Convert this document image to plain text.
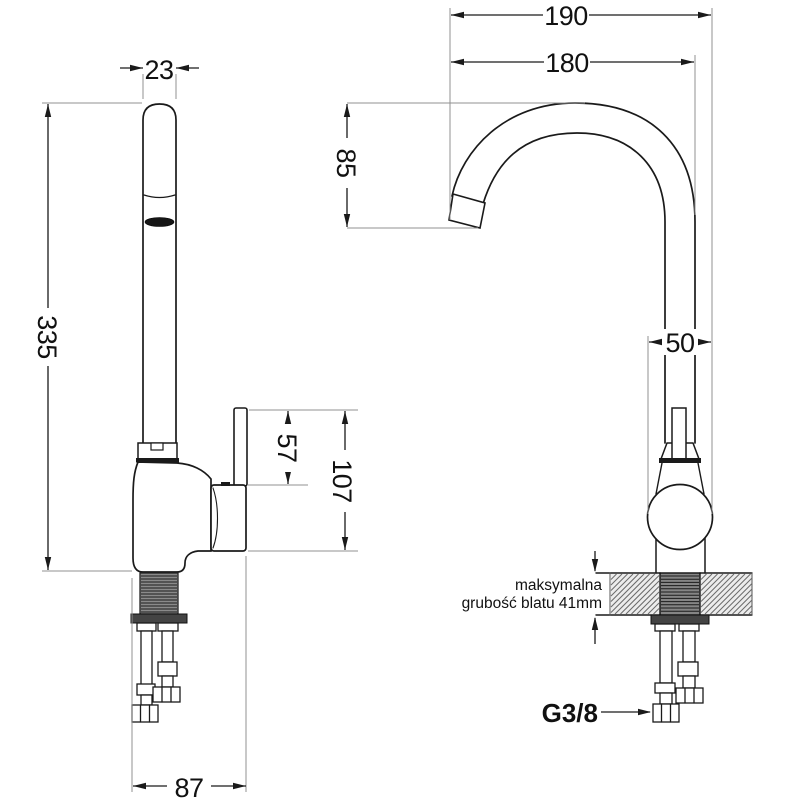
23
190
180
335
85
57
107
50
87
maksymalna
grubość blatu 41mm
G3/8
